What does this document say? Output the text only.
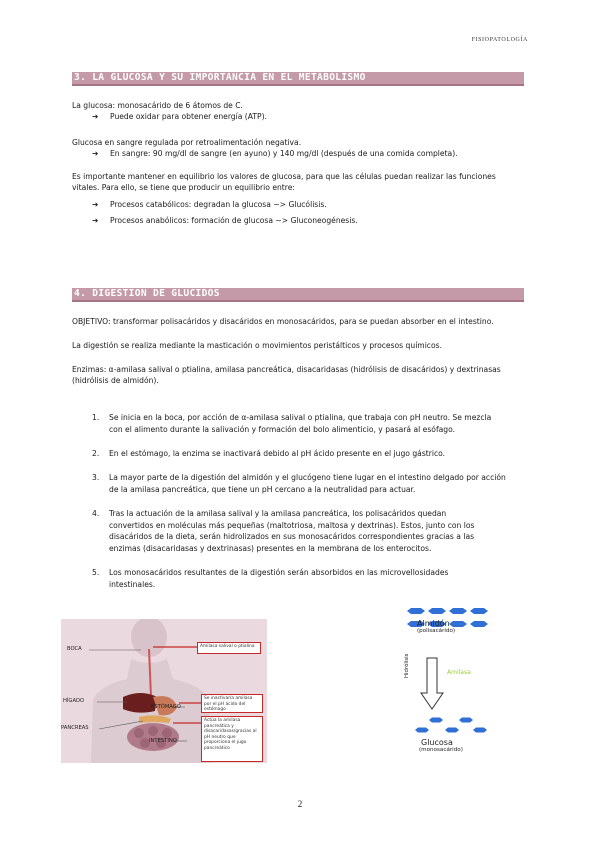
FISIOPATOLOGÍA
3. LA GLUCOSA Y SU IMPORTANCIA EN EL METABOLISMO
La glucosa: monosacárido de 6 átomos de C.
➔ Puede oxidar para obtener energía (ATP).
Glucosa en sangre regulada por retroalimentación negativa.
➔ En sangre: 90 mg/dl de sangre (en ayuno) y 140 mg/dl (después de una comida completa).
Es importante mantener en equilibrio los valores de glucosa, para que las células puedan realizar las funciones
vitales. Para ello, se tiene que producir un equilibrio entre:
➔ Procesos catabólicos: degradan la glucosa ~> Glucólisis.
➔ Procesos anabólicos: formación de glucosa ~> Gluconeogénesis.
4. DIGESTIÓN DE GLÚCIDOS
OBJETIVO: transformar polisacáridos y disacáridos en monosacáridos, para se puedan absorber en el intestino.
La digestión se realiza mediante la masticación o movimientos peristálticos y procesos químicos.
Enzimas: α-amilasa salival o ptialina, amilasa pancreática, disacaridasas (hidrólisis de disacáridos) y dextrinasas
(hidrólisis de almidón).
1.	Se inicia en la boca, por acción de α-amilasa salival o ptialina, que trabaja con pH neutro. Se mezcla
con el alimento durante la salivación y formación del bolo alimenticio, y pasará al esófago.
2.	En el estómago, la enzima se inactivará debido al pH ácido presente en el jugo gástrico.
3.	La mayor parte de la digestión del almidón y el glucógeno tiene lugar en el intestino delgado por acción
de la amilasa pancreática, que tiene un pH cercano a la neutralidad para actuar.
4.	Tras la actuación de la amilasa salival y la amilasa pancreática, los polisacáridos quedan
convertidos en moléculas más pequeñas (maltotriosa, maltosa y dextrinas). Estos, junto con los
disacáridos de la dieta, serán hidrolizados en sus monosacáridos correspondientes gracias a las
enzimas (disacaridasas y dextrinasas) presentes en la membrana de los enterocitos.
5.	Los monosacáridos resultantes de la digestión serán absorbidos en las microvellosidades
intestinales.
BOCA
HÍGADO
ESTÓMAGO
PANCREAS
INTESTINO
Amilasa salival o ptialina
Se inactivaría amilasa por el pH ácido del estómago
Actúa la amilasa pancreática y disacaridasas/gracias al pH neutro que proporciona el jugo pancreático
Almidón
(polisacárido)
Hidrólisis	Amilasa
Glucosa
(monosacárido)
2
